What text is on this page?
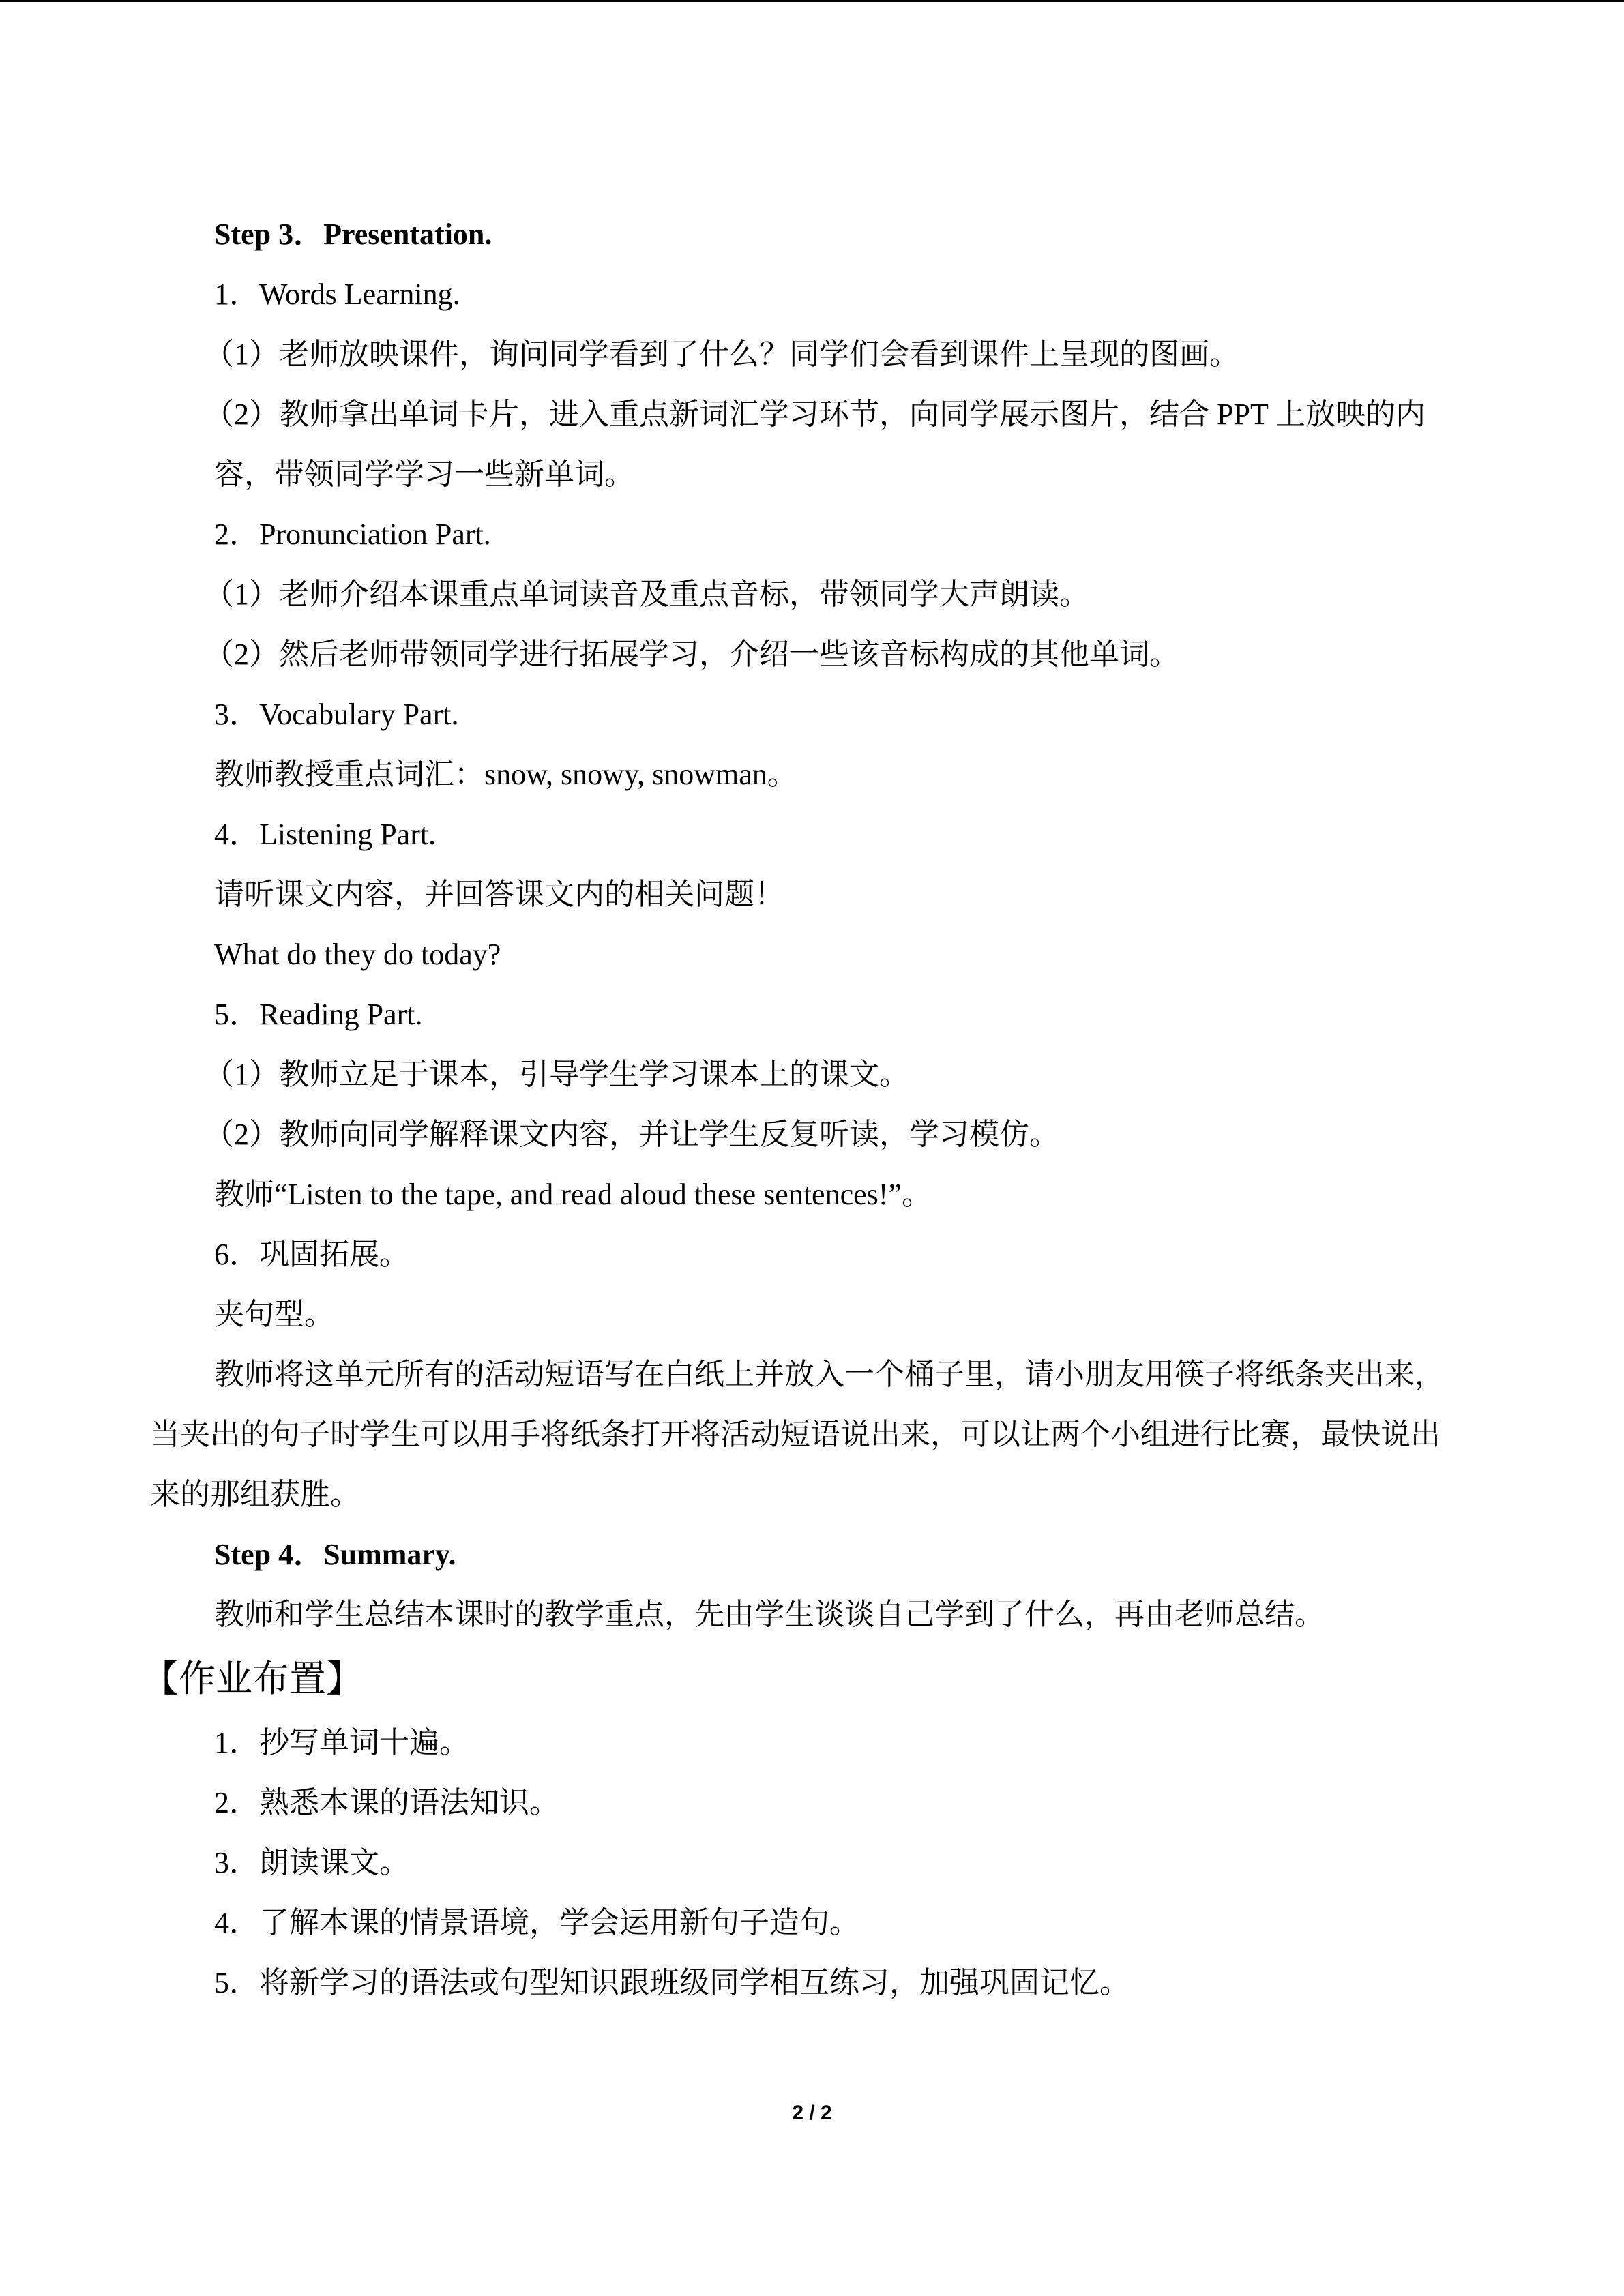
Step 3．Presentation.

1．Words Learning.

（1）老师放映课件，询问同学看到了什么？同学们会看到课件上呈现的图画。

（2）教师拿出单词卡片，进入重点新词汇学习环节，向同学展示图片，结合 PPT 上放映的内容，带领同学学习一些新单词。

2．Pronunciation Part.

（1）老师介绍本课重点单词读音及重点音标，带领同学大声朗读。

（2）然后老师带领同学进行拓展学习，介绍一些该音标构成的其他单词。

3．Vocabulary Part.

教师教授重点词汇：snow, snowy, snowman。

4．Listening Part.

请听课文内容，并回答课文内的相关问题！

What do they do today?

5．Reading Part.

（1）教师立足于课本，引导学生学习课本上的课文。

（2）教师向同学解释课文内容，并让学生反复听读，学习模仿。

教师“Listen to the tape, and read aloud these sentences!”。

6．巩固拓展。

夹句型。

教师将这单元所有的活动短语写在白纸上并放入一个桶子里，请小朋友用筷子将纸条夹出来，当夹出的句子时学生可以用手将纸条打开将活动短语说出来，可以让两个小组进行比赛，最快说出来的那组获胜。

Step 4．Summary.

教师和学生总结本课时的教学重点，先由学生谈谈自己学到了什么，再由老师总结。

【作业布置】

1．抄写单词十遍。

2．熟悉本课的语法知识。

3．朗读课文。

4．了解本课的情景语境，学会运用新句子造句。

5．将新学习的语法或句型知识跟班级同学相互练习，加强巩固记忆。

2 / 2
